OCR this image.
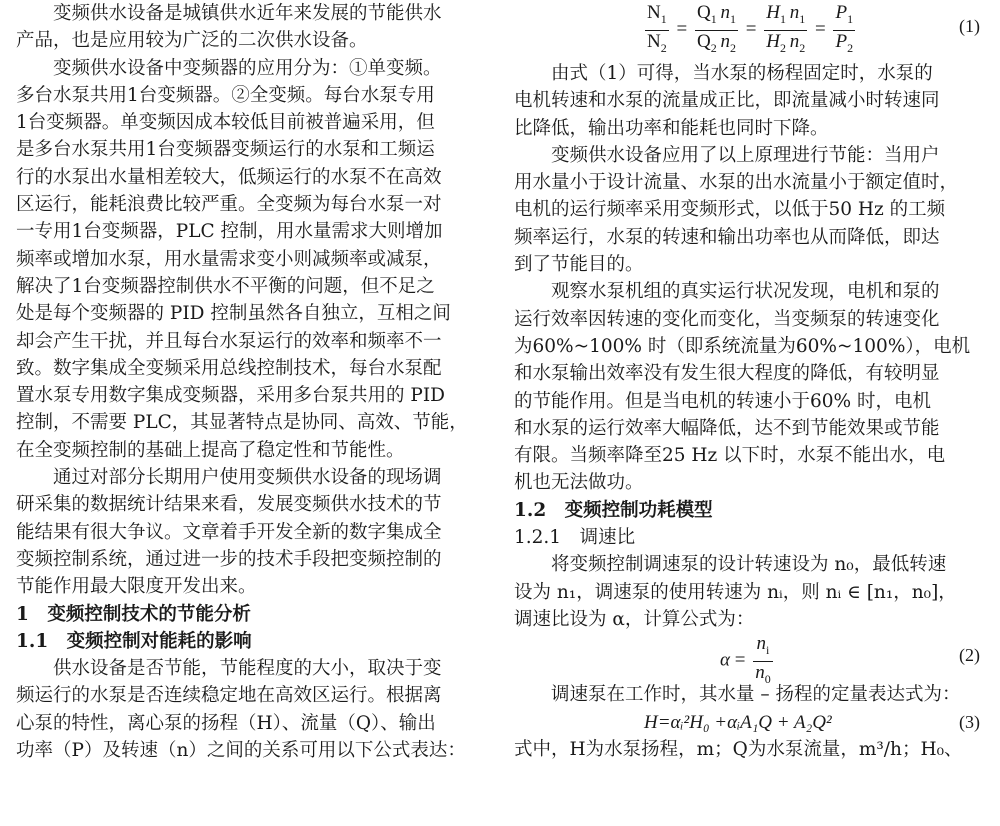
变频供水设备是城镇供水近年来发展的节能供水
产品，也是应用较为广泛的二次供水设备。
变频供水设备中变频器的应用分为：①单变频。
多台水泵共用1台变频器。②全变频。每台水泵专用
1台变频器。单变频因成本较低目前被普遍采用，但
是多台水泵共用1台变频器变频运行的水泵和工频运
行的水泵出水量相差较大，低频运行的水泵不在高效
区运行，能耗浪费比较严重。全变频为每台水泵一对
一专用1台变频器，PLC 控制，用水量需求大则增加
频率或增加水泵，用水量需求变小则减频率或减泵，
解决了1台变频器控制供水不平衡的问题，但不足之
处是每个变频器的 PID 控制虽然各自独立，互相之间
却会产生干扰，并且每台水泵运行的效率和频率不一
致。数字集成全变频采用总线控制技术，每台水泵配
置水泵专用数字集成变频器，采用多台泵共用的 PID
控制，不需要 PLC，其显著特点是协同、高效、节能，
在全变频控制的基础上提高了稳定性和节能性。
通过对部分长期用户使用变频供水设备的现场调
研采集的数据统计结果来看，发展变频供水技术的节
能结果有很大争议。文章着手开发全新的数字集成全
变频控制系统，通过进一步的技术手段把变频控制的
节能作用最大限度开发出来。
1　变频控制技术的节能分析
1.1　变频控制对能耗的影响
供水设备是否节能，节能程度的大小，取决于变
频运行的水泵是否连续稳定地在高效区运行。根据离
心泵的特性，离心泵的扬程（H）、流量（Q）、输出
功率（P）及转速（n）之间的关系可用以下公式表达：
$\frac{N_1}{N_2} = \frac{Q_1 n_1}{Q_2 n_2} = \frac{H_1 n_1}{H_2 n_2} = \frac{P_1}{P_2}$	(1)
由式（1）可得，当水泵的杨程固定时，水泵的
电机转速和水泵的流量成正比，即流量减小时转速同
比降低，输出功率和能耗也同时下降。
变频供水设备应用了以上原理进行节能：当用户
用水量小于设计流量、水泵的出水流量小于额定值时，
电机的运行频率采用变频形式，以低于50 Hz 的工频
频率运行，水泵的转速和输出功率也从而降低，即达
到了节能目的。
观察水泵机组的真实运行状况发现，电机和泵的
运行效率因转速的变化而变化，当变频泵的转速变化
为60%~100% 时（即系统流量为60%~100%），电机
和水泵输出效率没有发生很大程度的降低，有较明显
的节能作用。但是当电机的转速小于60% 时，电机
和水泵的运行效率大幅降低，达不到节能效果或节能
有限。当频率降至25 Hz 以下时，水泵不能出水，电
机也无法做功。
1.2　变频控制功耗模型
1.2.1　调速比
将变频控制调速泵的设计转速设为 n₀，最低转速
设为 n₁，调速泵的使用转速为 nᵢ，则 nᵢ ∈ [n₁，n₀]，
调速比设为 α，计算公式为：
$\alpha = \frac{n_i}{n_0}$	(2)
调速泵在工作时，其水量 – 扬程的定量表达式为：
H=αᵢ²H₀ +αᵢA₁Q + A₂Q²	(3)
式中，H为水泵扬程，m；Q为水泵流量，m³/h；H₀、
